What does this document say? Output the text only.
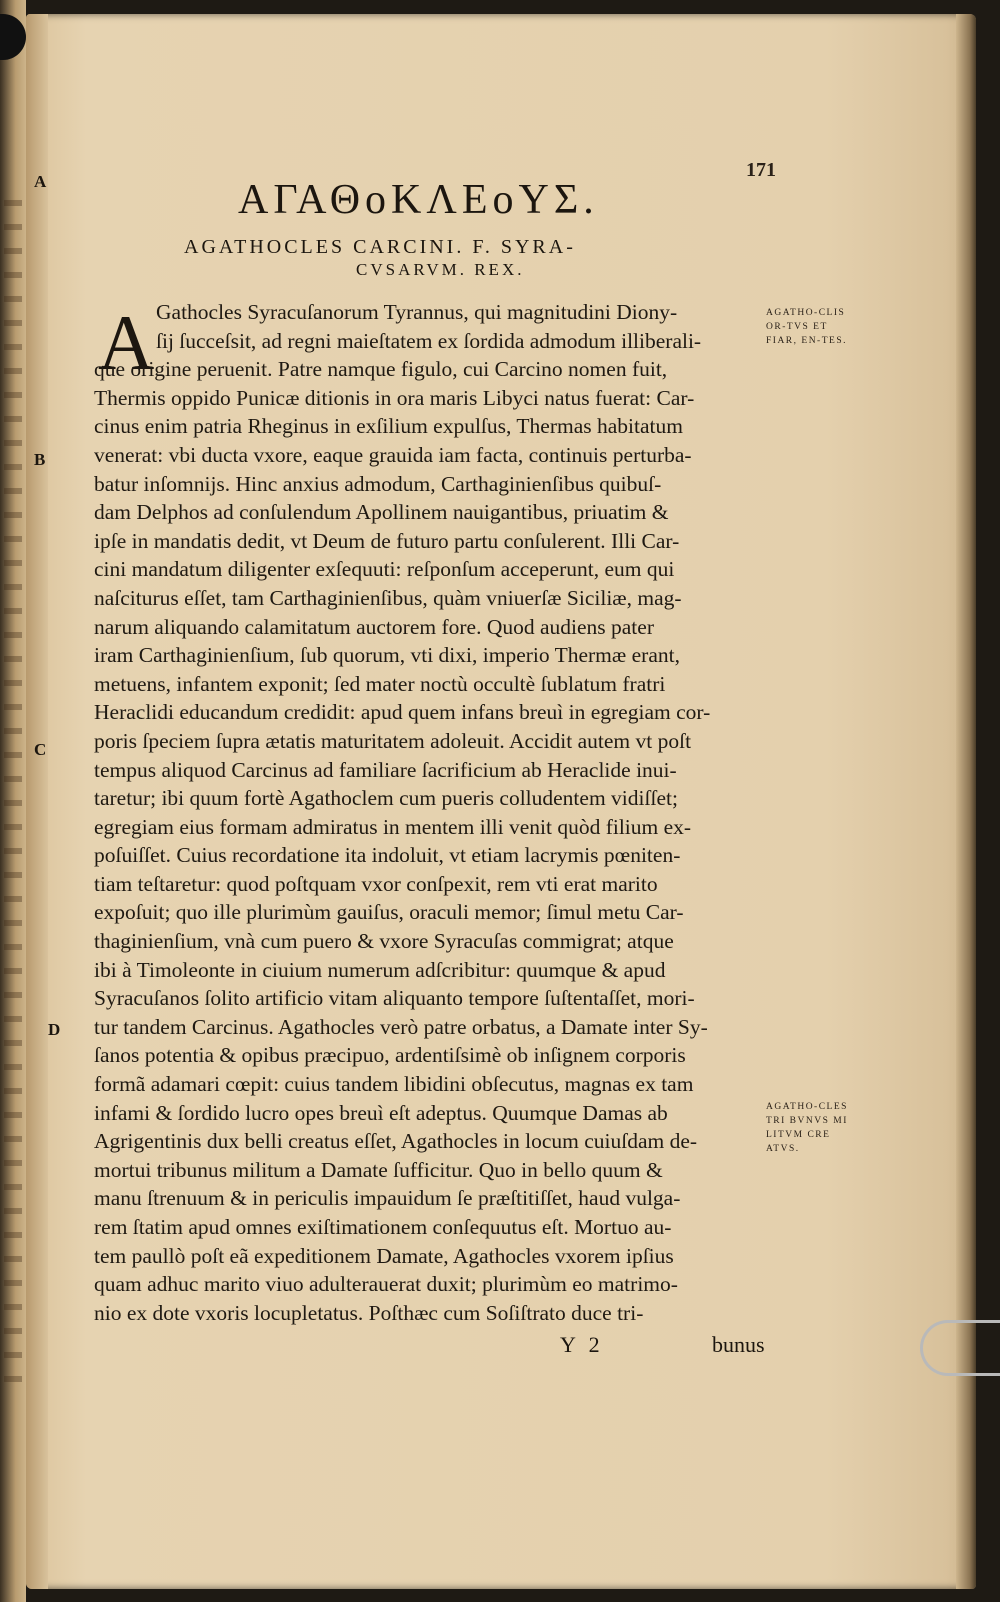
171
ΑΓΑΘοΚΛΕοΥΣ.
AGATHOCLES CARCINI. F. SYRA-
CVSARVM. REX.
A
B
C
D
A Gathocles Syracuſanorum Tyrannus, qui magnitudini Diony-
ſij ſucceſsit, ad regni maieſtatem ex ſordida admodum illiberali-
que origine peruenit. Patre namque figulo, cui Carcino nomen fuit,
Thermis oppido Punicæ ditionis in ora maris Libyci natus fuerat: Car-
cinus enim patria Rheginus in exſilium expulſus, Thermas habitatum
venerat: vbi ducta vxore, eaque grauida iam facta, continuis perturba-
batur inſomnijs. Hinc anxius admodum, Carthaginienſibus quibuſ-
dam Delphos ad conſulendum Apollinem nauigantibus, priuatim &
ipſe in mandatis dedit, vt Deum de futuro partu conſulerent. Illi Car-
cini mandatum diligenter exſequuti: reſponſum acceperunt, eum qui
naſciturus eſſet, tam Carthaginienſibus, quàm vniuerſæ Siciliæ, mag-
narum aliquando calamitatum auctorem fore. Quod audiens pater
iram Carthaginienſium, ſub quorum, vti dixi, imperio Thermæ erant,
metuens, infantem exponit; ſed mater noctù occultè ſublatum fratri
Heraclidi educandum credidit: apud quem infans breuì in egregiam cor-
poris ſpeciem ſupra ætatis maturitatem adoleuit. Accidit autem vt poſt
tempus aliquod Carcinus ad familiare ſacrificium ab Heraclide inui-
taretur; ibi quum fortè Agathoclem cum pueris colludentem vidiſſet;
egregiam eius formam admiratus in mentem illi venit quòd filium ex-
poſuiſſet. Cuius recordatione ita indoluit, vt etiam lacrymis pœniten-
tiam teſtaretur: quod poſtquam vxor conſpexit, rem vti erat marito
expoſuit; quo ille plurimùm gauiſus, oraculi memor; ſimul metu Car-
thaginienſium, vnà cum puero & vxore Syracuſas commigrat; atque
ibi à Timoleonte in ciuium numerum adſcribitur: quumque & apud
Syracuſanos ſolito artificio vitam aliquanto tempore ſuſtentaſſet, mori-
tur tandem Carcinus. Agathocles verò patre orbatus, a Damate inter Sy-
ſanos potentia & opibus præcipuo, ardentiſsimè ob inſignem corporis
formã adamari cœpit: cuius tandem libidini obſecutus, magnas ex tam
infami & ſordido lucro opes breuì eſt adeptus. Quumque Damas ab
Agrigentinis dux belli creatus eſſet, Agathocles in locum cuiuſdam de-
mortui tribunus militum a Damate ſufficitur. Quo in bello quum &
manu ſtrenuum & in periculis impauidum ſe præſtitiſſet, haud vulga-
rem ſtatim apud omnes exiſtimationem conſequutus eſt. Mortuo au-
tem paullò poſt eã expeditionem Damate, Agathocles vxorem ipſius
quam adhuc marito viuo adulterauerat duxit; plurimùm eo matrimo-
nio ex dote vxoris locupletatus. Poſthæc cum Soſiſtrato duce tri-
AGATHO-CLIS OR-TVS ET FIAR, EN-TES.
AGATHO-CLES TRI BVNVS MI LITVM CRE ATVS.
Y 2	bunus
